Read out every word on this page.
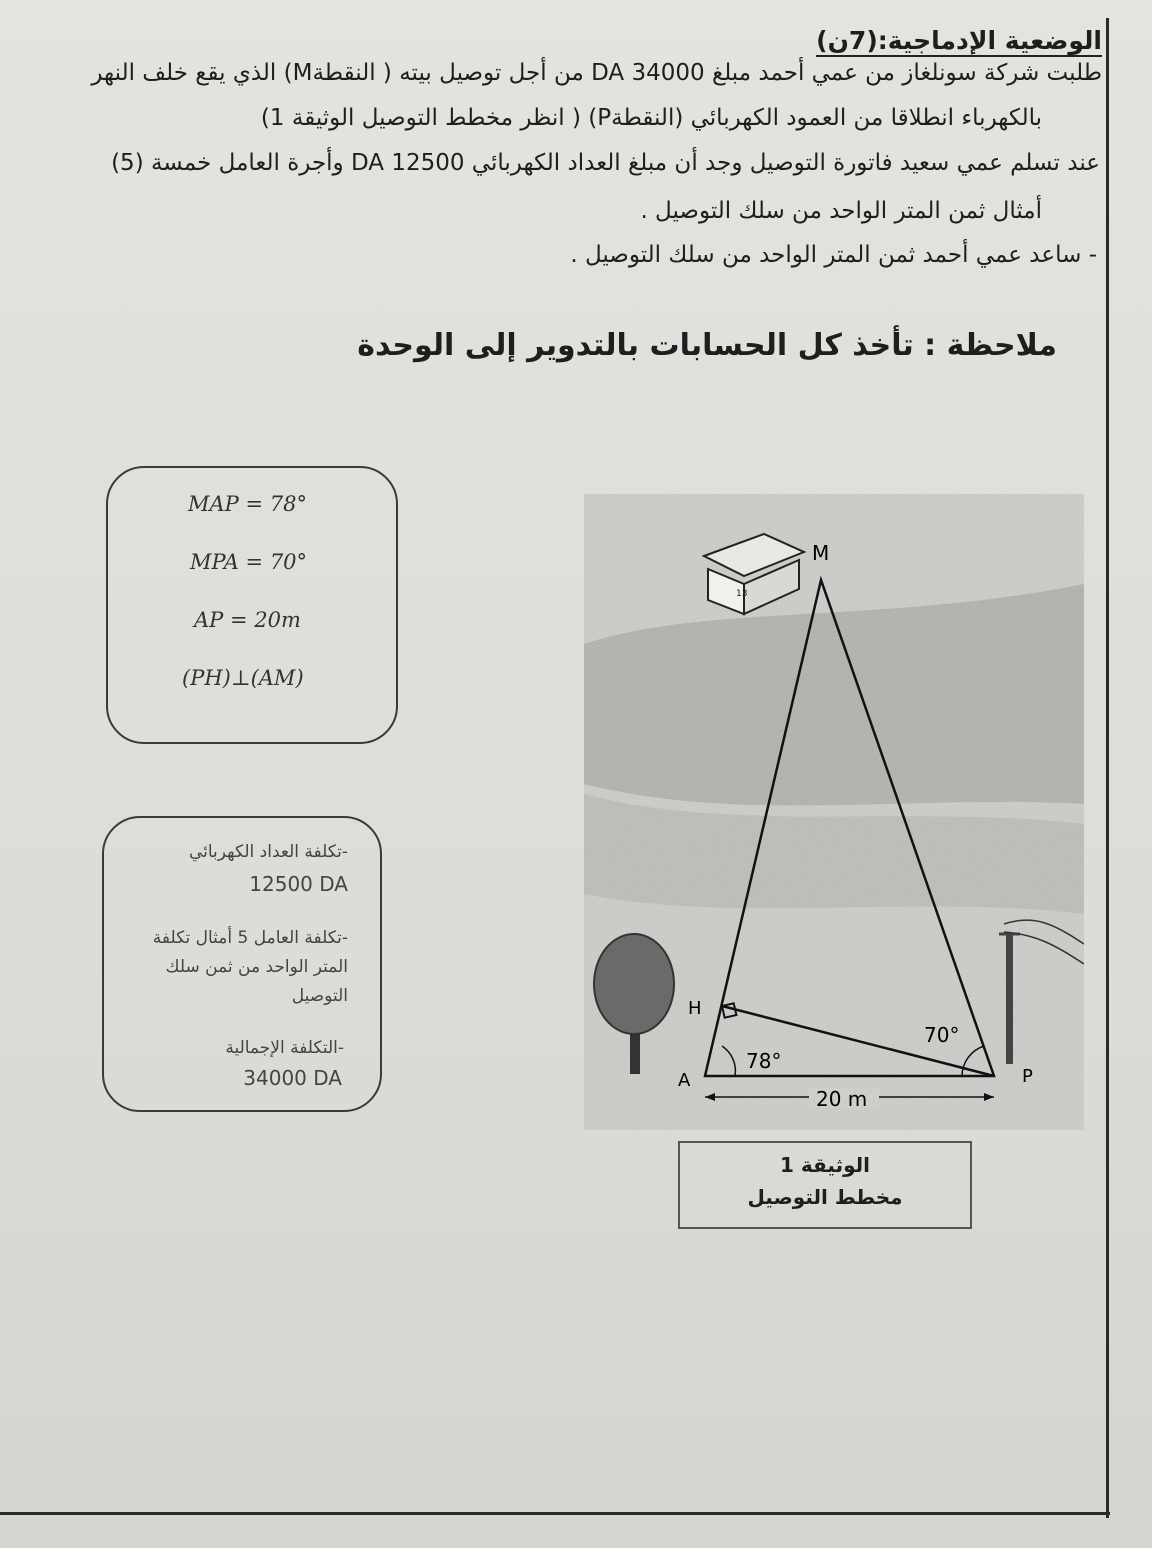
الوضعية الإدماجية:(7ن)
طلبت شركة سونلغاز من عمي أحمد مبلغ 34000 DA من أجل توصيل بيته ( النقطةM) الذي يقع خلف النهر
بالكهرباء انطلاقا من العمود الكهربائي (النقطةP) ( انظر مخطط التوصيل الوثيقة 1)
عند تسلم عمي سعيد فاتورة التوصيل وجد أن مبلغ العداد الكهربائي 12500 DA وأجرة العامل خمسة (5)
أمثال ثمن المتر الواحد من سلك التوصيل .
- ساعد عمي أحمد ثمن المتر الواحد من سلك التوصيل .
ملاحظة : تأخذ كل الحسابات بالتدوير إلى الوحدة
MAP = 78°
MPA = 70°
AP = 20m
(PH)⊥(AM)
-تكلفة العداد الكهربائي
12500 DA
-تكلفة العامل 5 أمثال تكلفة المتر الواحد من ثمن سلك التوصيل
-التكلفة الإجمالية
34000 DA
13
M
H
A	P
78°
70°
20 m
الوثيقة 1
مخطط التوصيل
